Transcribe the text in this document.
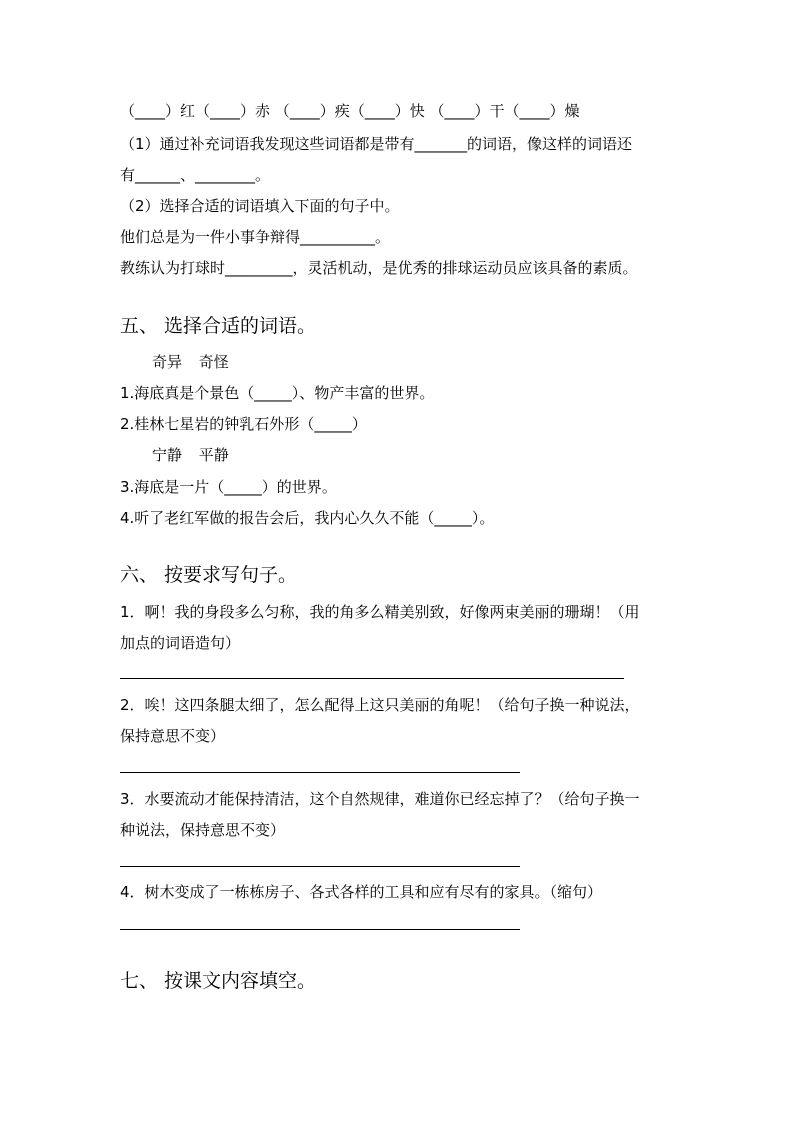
（____）红（____）赤 （____）疾（____）快 （____）干（____）燥
（1）通过补充词语我发现这些词语都是带有_______的词语，像这样的词语还
有______、________。
（2）选择合适的词语填入下面的句子中。
他们总是为一件小事争辩得__________。
教练认为打球时_________，灵活机动，是优秀的排球运动员应该具备的素质。
五、 选择合适的词语。
奇异 奇怪
1.海底真是个景色（_____）、物产丰富的世界。
2.桂林七星岩的钟乳石外形（_____）
宁静 平静
3.海底是一片（_____）的世界。
4.听了老红军做的报告会后，我内心久久不能（_____）。
六、 按要求写句子。
1．啊！我的身段多么匀称，我的角多么精美别致，好像两束美丽的珊瑚！（用
加点的词语造句）
2．唉！这四条腿太细了，怎么配得上这只美丽的角呢！（给句子换一种说法，
保持意思不变）
3．水要流动才能保持清洁，这个自然规律，难道你已经忘掉了？（给句子换一
种说法，保持意思不变）
4．树木变成了一栋栋房子、各式各样的工具和应有尽有的家具。（缩句）
七、 按课文内容填空。
